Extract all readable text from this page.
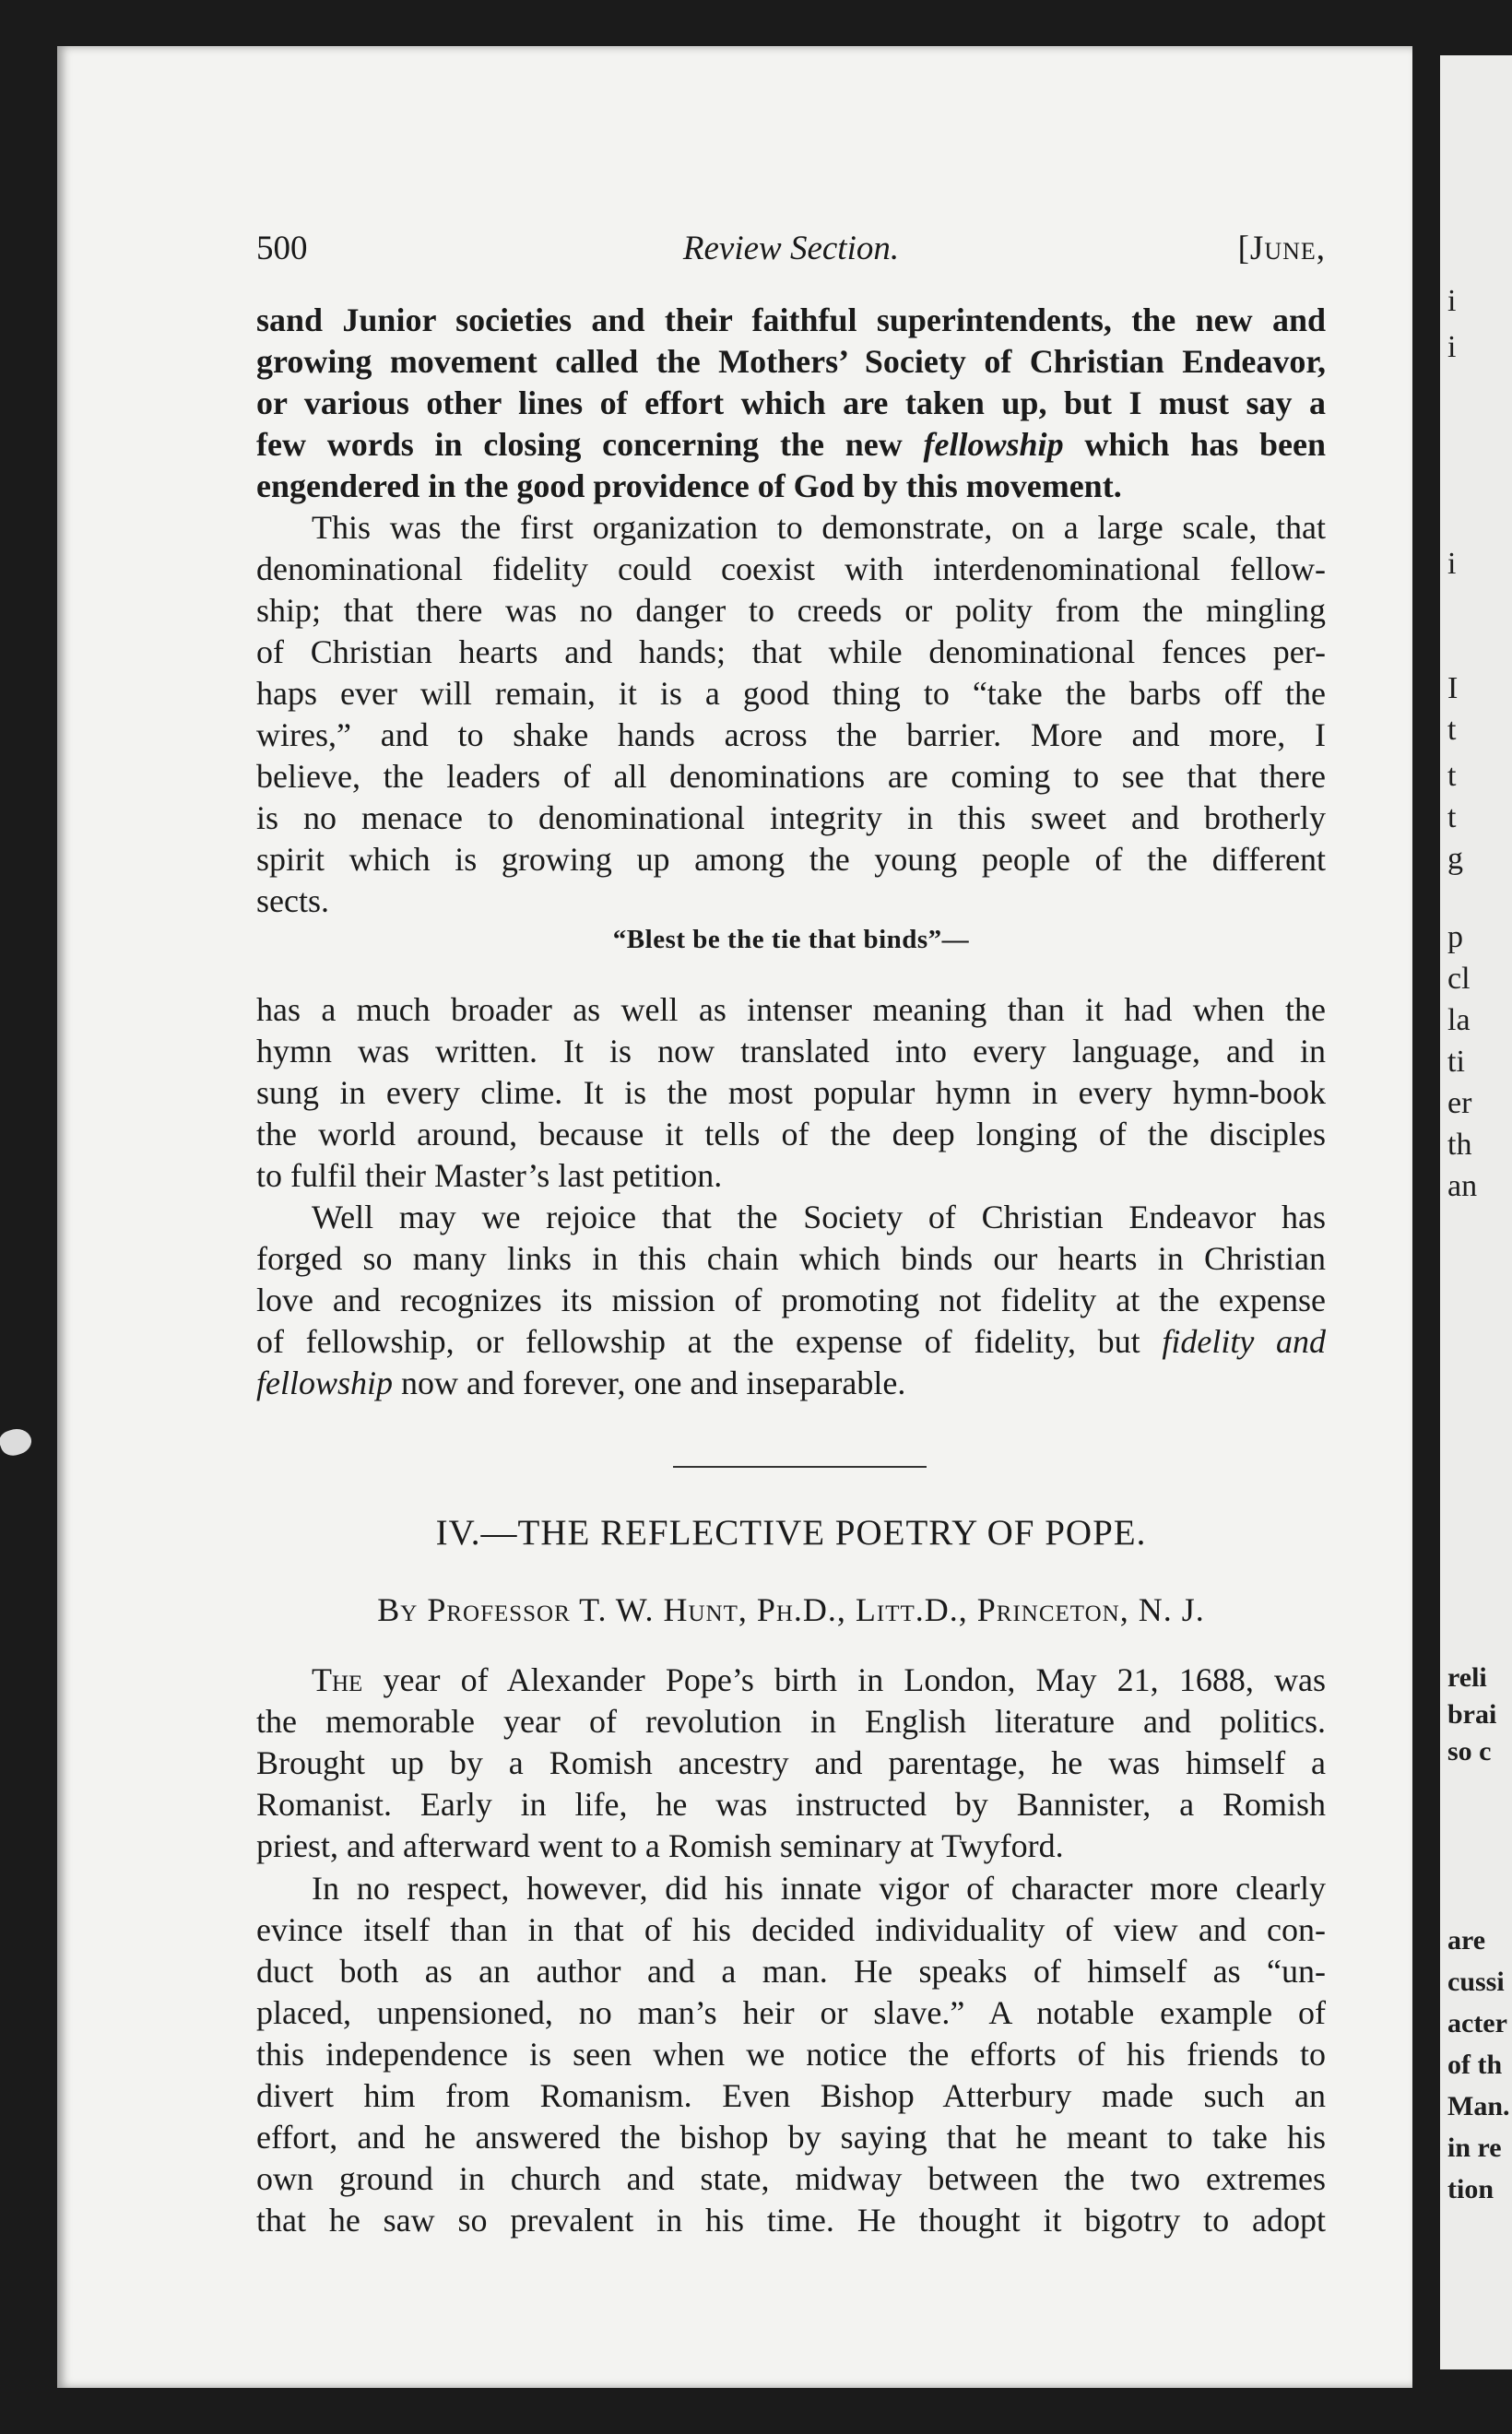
i
i
i
I
t
t
t
g
p
cl
la
ti
er
th
an
reli
brai
so c
are
cussi
acter
of th
Man.
in re
tion
500	Review Section.	[June,
sand Junior societies and their faithful superintendents, the new and
growing movement called the Mothers’ Society of Christian Endeavor,
or various other lines of effort which are taken up, but I must say a
few words in closing concerning the new fellowship which has been
engendered in the good providence of God by this movement.
This was the first organization to demonstrate, on a large scale, that
denominational fidelity could coexist with interdenominational fellow-
ship; that there was no danger to creeds or polity from the mingling
of Christian hearts and hands; that while denominational fences per-
haps ever will remain, it is a good thing to “take the barbs off the
wires,” and to shake hands across the barrier. More and more, I
believe, the leaders of all denominations are coming to see that there
is no menace to denominational integrity in this sweet and brotherly
spirit which is growing up among the young people of the different
sects.
“Blest be the tie that binds”—
has a much broader as well as intenser meaning than it had when the
hymn was written. It is now translated into every language, and in
sung in every clime. It is the most popular hymn in every hymn-book
the world around, because it tells of the deep longing of the disciples
to fulfil their Master’s last petition.
Well may we rejoice that the Society of Christian Endeavor has
forged so many links in this chain which binds our hearts in Christian
love and recognizes its mission of promoting not fidelity at the expense
of fellowship, or fellowship at the expense of fidelity, but fidelity and
fellowship now and forever, one and inseparable.
IV.—THE REFLECTIVE POETRY OF POPE.
By Professor T. W. Hunt, Ph.D., Litt.D., Princeton, N. J.
The year of Alexander Pope’s birth in London, May 21, 1688, was
the memorable year of revolution in English literature and politics.
Brought up by a Romish ancestry and parentage, he was himself a
Romanist. Early in life, he was instructed by Bannister, a Romish
priest, and afterward went to a Romish seminary at Twyford.
In no respect, however, did his innate vigor of character more clearly
evince itself than in that of his decided individuality of view and con-
duct both as an author and a man. He speaks of himself as “un-
placed, unpensioned, no man’s heir or slave.” A notable example of
this independence is seen when we notice the efforts of his friends to
divert him from Romanism. Even Bishop Atterbury made such an
effort, and he answered the bishop by saying that he meant to take his
own ground in church and state, midway between the two extremes
that he saw so prevalent in his time. He thought it bigotry to adopt
